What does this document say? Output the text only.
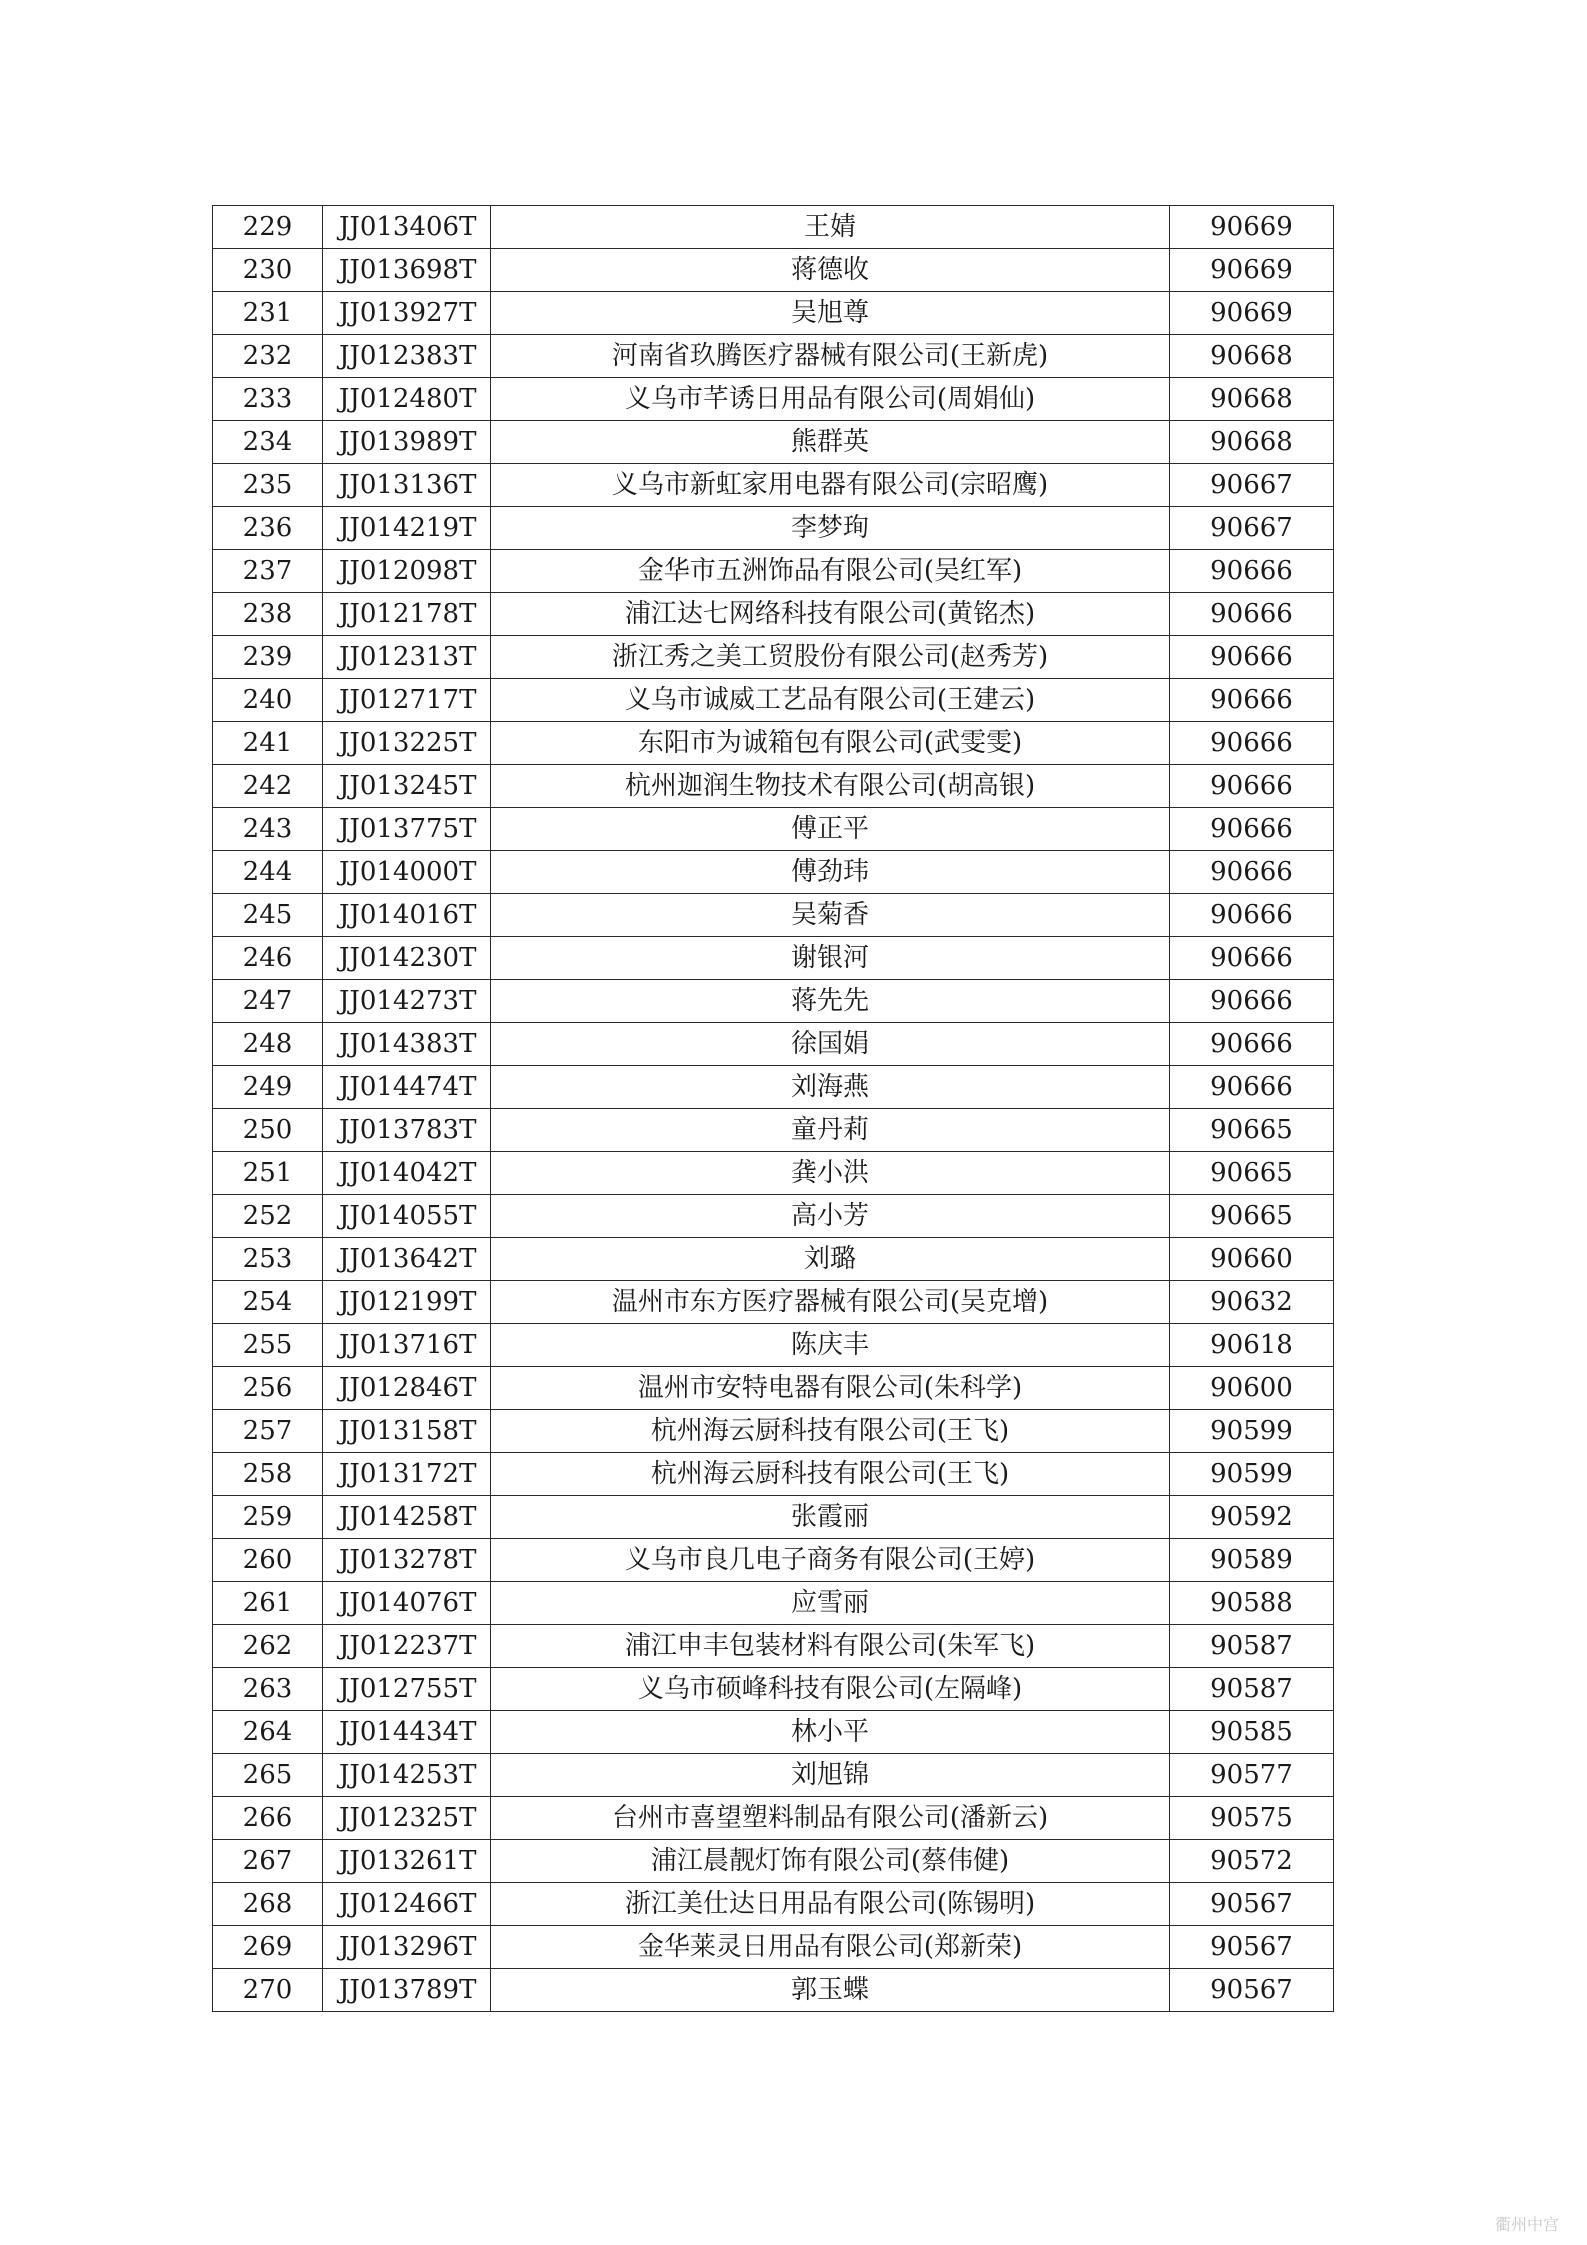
229	JJ013406T	王婧	90669
230	JJ013698T	蒋德收	90669
231	JJ013927T	吴旭尊	90669
232	JJ012383T	河南省玖腾医疗器械有限公司(王新虎)	90668
233	JJ012480T	义乌市芊诱日用品有限公司(周娟仙)	90668
234	JJ013989T	熊群英	90668
235	JJ013136T	义乌市新虹家用电器有限公司(宗昭鹰)	90667
236	JJ014219T	李梦珣	90667
237	JJ012098T	金华市五洲饰品有限公司(吴红军)	90666
238	JJ012178T	浦江达七网络科技有限公司(黄铭杰)	90666
239	JJ012313T	浙江秀之美工贸股份有限公司(赵秀芳)	90666
240	JJ012717T	义乌市诚威工艺品有限公司(王建云)	90666
241	JJ013225T	东阳市为诚箱包有限公司(武雯雯)	90666
242	JJ013245T	杭州迦润生物技术有限公司(胡高银)	90666
243	JJ013775T	傅正平	90666
244	JJ014000T	傅劲玮	90666
245	JJ014016T	吴菊香	90666
246	JJ014230T	谢银河	90666
247	JJ014273T	蒋先先	90666
248	JJ014383T	徐国娟	90666
249	JJ014474T	刘海燕	90666
250	JJ013783T	童丹莉	90665
251	JJ014042T	龚小洪	90665
252	JJ014055T	高小芳	90665
253	JJ013642T	刘璐	90660
254	JJ012199T	温州市东方医疗器械有限公司(吴克增)	90632
255	JJ013716T	陈庆丰	90618
256	JJ012846T	温州市安特电器有限公司(朱科学)	90600
257	JJ013158T	杭州海云厨科技有限公司(王飞)	90599
258	JJ013172T	杭州海云厨科技有限公司(王飞)	90599
259	JJ014258T	张霞丽	90592
260	JJ013278T	义乌市良几电子商务有限公司(王婷)	90589
261	JJ014076T	应雪丽	90588
262	JJ012237T	浦江申丰包装材料有限公司(朱军飞)	90587
263	JJ012755T	义乌市硕峰科技有限公司(左隔峰)	90587
264	JJ014434T	林小平	90585
265	JJ014253T	刘旭锦	90577
266	JJ012325T	台州市喜望塑料制品有限公司(潘新云)	90575
267	JJ013261T	浦江晨靓灯饰有限公司(蔡伟健)	90572
268	JJ012466T	浙江美仕达日用品有限公司(陈锡明)	90567
269	JJ013296T	金华莱灵日用品有限公司(郑新荣)	90567
270	JJ013789T	郭玉蝶	90567
衢州中宫
